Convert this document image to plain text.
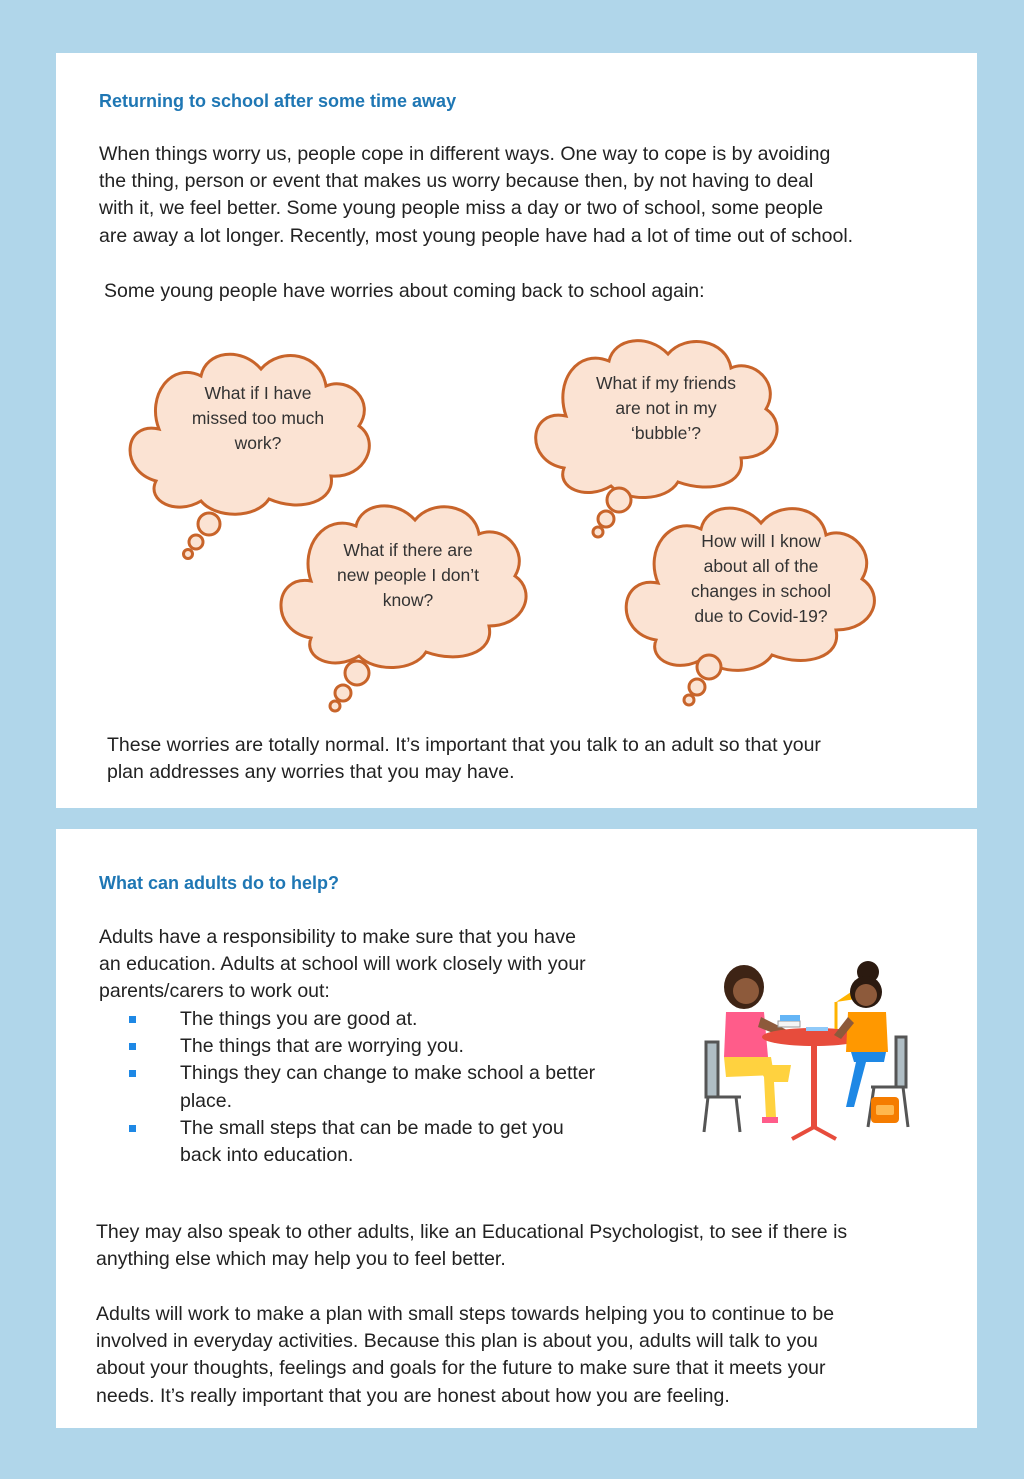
Returning to school after some time away
When things worry us, people cope in different ways. One way to cope is by avoiding
the thing, person or event that makes us worry because then, by not having to deal
with it, we feel better. Some young people miss a day or two of school, some people
are away a lot longer. Recently, most young people have had a lot of time out of school.
Some young people have worries about coming back to school again:
What if I have
missed too much
work?
What if my friends
are not in my
‘bubble’?
What if there are
new people I don’t
know?
How will I know
about all of the
changes in school
due to Covid-19?
These worries are totally normal. It’s important that you talk to an adult so that your
plan addresses any worries that you may have.
What can adults do to help?
Adults have a responsibility to make sure that you have
an education. Adults at school will work closely with your
parents/carers to work out:
The things you are good at.
The things that are worrying you.
Things they can change to make school a better
place.
The small steps that can be made to get you
back into education.
They may also speak to other adults, like an Educational Psychologist, to see if there is
anything else which may help you to feel better.
Adults will work to make a plan with small steps towards helping you to continue to be
involved in everyday activities. Because this plan is about you, adults will talk to you
about your thoughts, feelings and goals for the future to make sure that it meets your
needs. It’s really important that you are honest about how you are feeling.
